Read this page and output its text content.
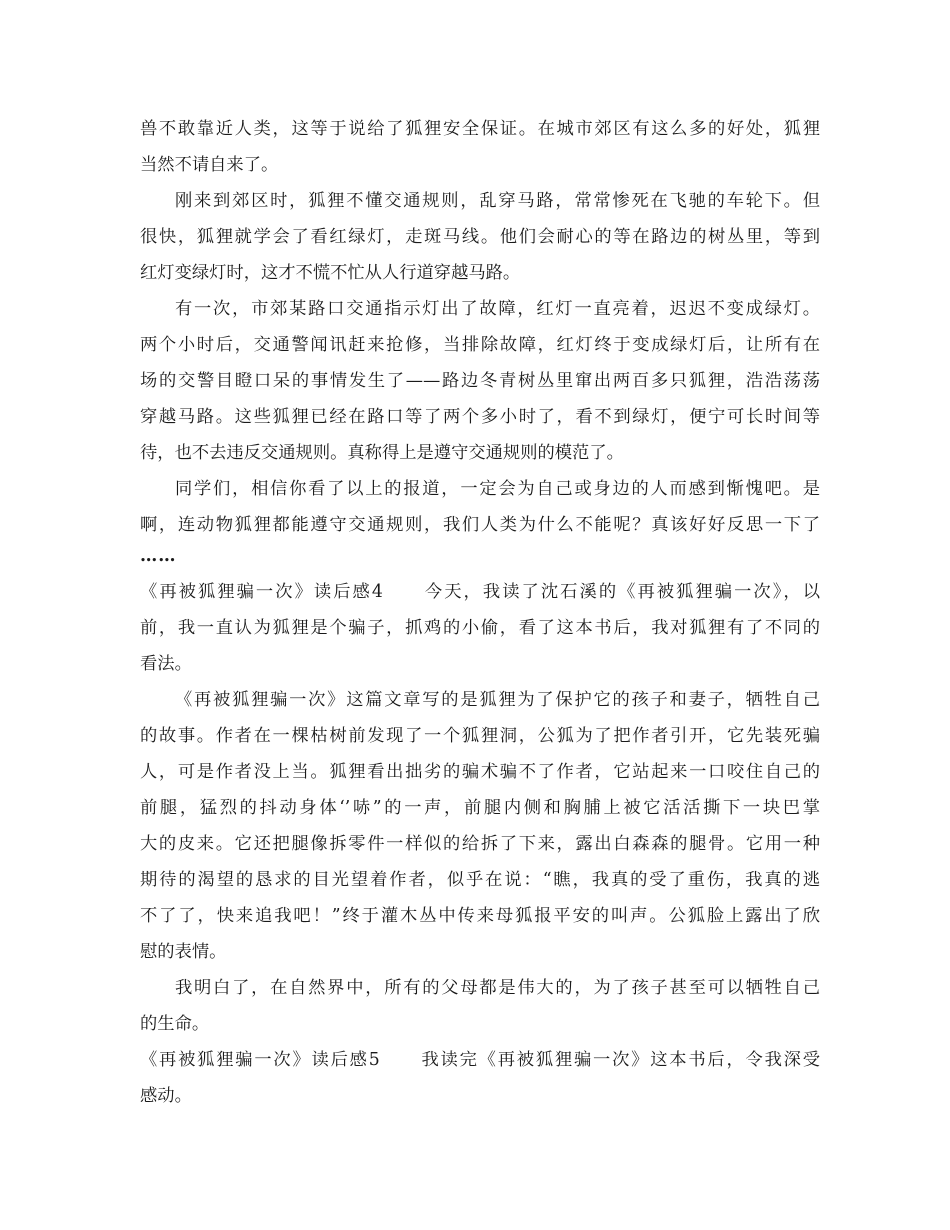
兽不敢靠近人类，这等于说给了狐狸安全保证。在城市郊区有这么多的好处，狐狸
当然不请自来了。
刚来到郊区时，狐狸不懂交通规则，乱穿马路，常常惨死在飞驰的车轮下。但
很快，狐狸就学会了看红绿灯，走斑马线。他们会耐心的等在路边的树丛里，等到
红灯变绿灯时，这才不慌不忙从人行道穿越马路。
有一次，市郊某路口交通指示灯出了故障，红灯一直亮着，迟迟不变成绿灯。
两个小时后，交通警闻讯赶来抢修，当排除故障，红灯终于变成绿灯后，让所有在
场的交警目瞪口呆的事情发生了——路边冬青树丛里窜出两百多只狐狸，浩浩荡荡
穿越马路。这些狐狸已经在路口等了两个多小时了，看不到绿灯，便宁可长时间等
待，也不去违反交通规则。真称得上是遵守交通规则的模范了。
同学们，相信你看了以上的报道，一定会为自己或身边的人而感到惭愧吧。是
啊，连动物狐狸都能遵守交通规则，我们人类为什么不能呢？真该好好反思一下了
……
《再被狐狸骗一次》读后感4 今天，我读了沈石溪的《再被狐狸骗一次》，以
前，我一直认为狐狸是个骗子，抓鸡的小偷，看了这本书后，我对狐狸有了不同的
看法。
《再被狐狸骗一次》这篇文章写的是狐狸为了保护它的孩子和妻子，牺牲自己
的故事。作者在一棵枯树前发现了一个狐狸洞，公狐为了把作者引开，它先装死骗
人，可是作者没上当。狐狸看出拙劣的骗术骗不了作者，它站起来一口咬住自己的
前腿，猛烈的抖动身体‘’哧”的一声，前腿内侧和胸脯上被它活活撕下一块巴掌
大的皮来。它还把腿像拆零件一样似的给拆了下来，露出白森森的腿骨。它用一种
期待的渴望的恳求的目光望着作者，似乎在说：“瞧，我真的受了重伤，我真的逃
不了了，快来追我吧！”终于灌木丛中传来母狐报平安的叫声。公狐脸上露出了欣
慰的表情。
我明白了，在自然界中，所有的父母都是伟大的，为了孩子甚至可以牺牲自己
的生命。
《再被狐狸骗一次》读后感5 我读完《再被狐狸骗一次》这本书后，令我深受
感动。
